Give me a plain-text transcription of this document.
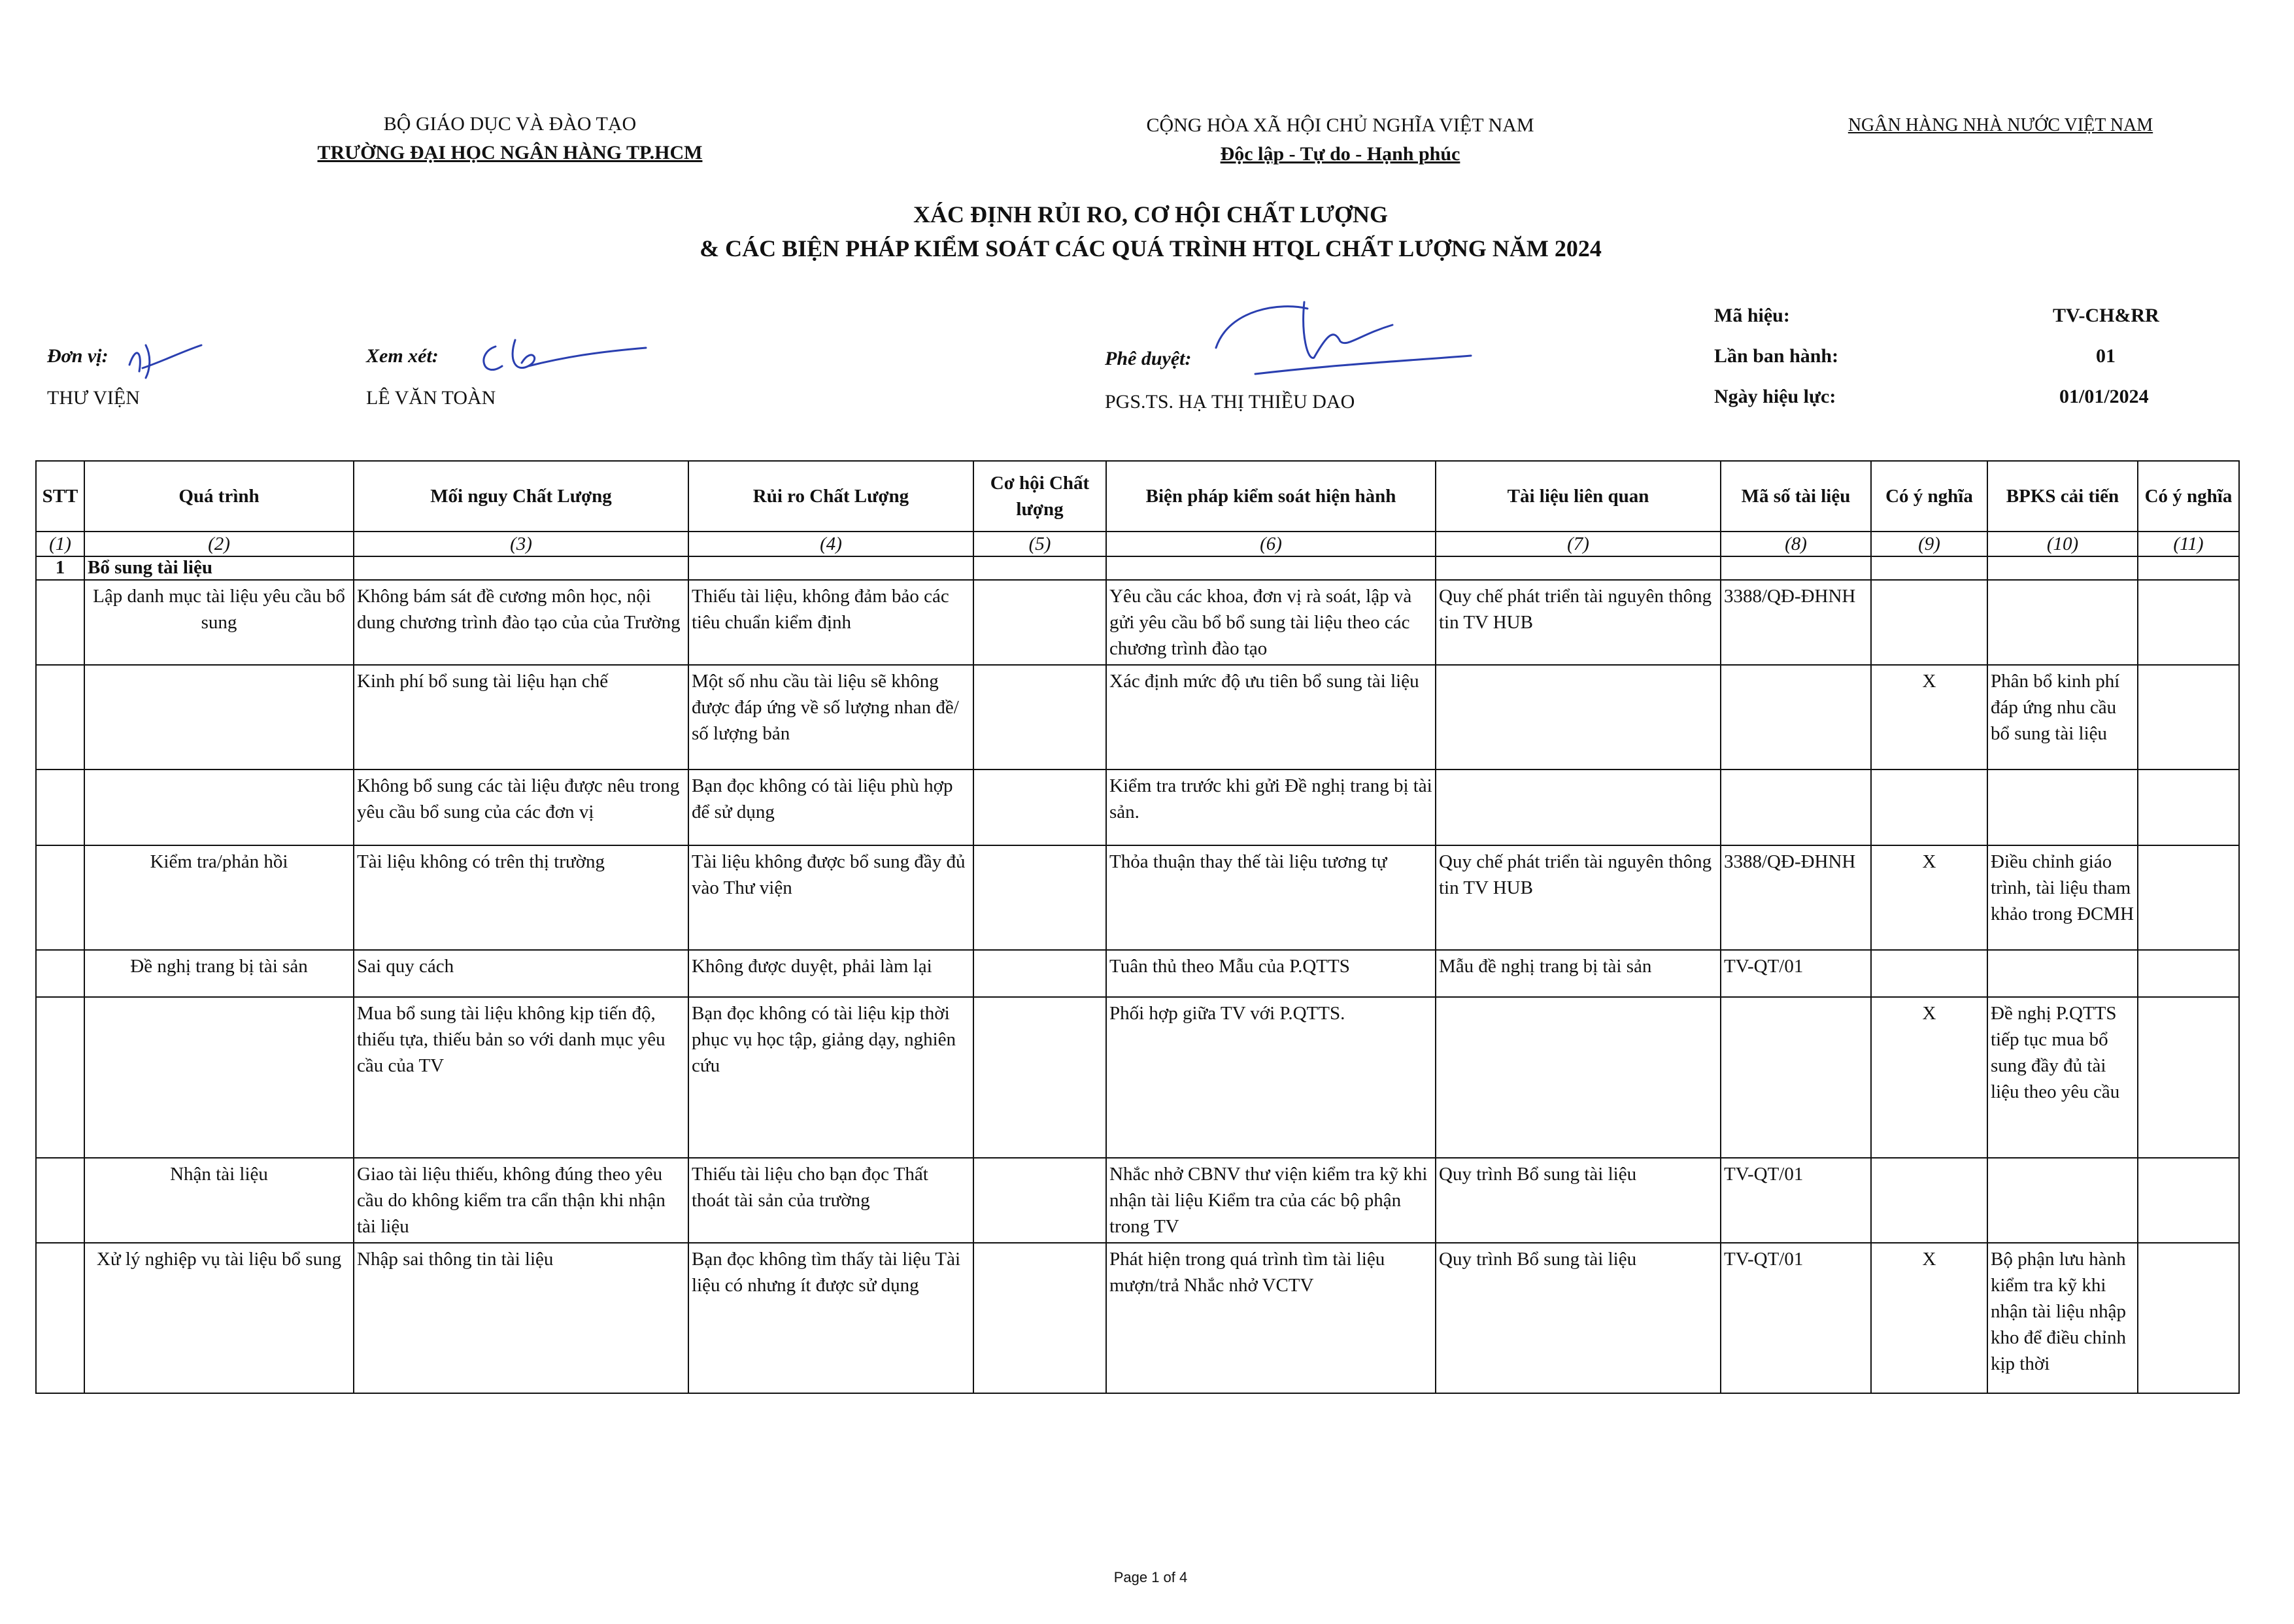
BỘ GIÁO DỤC VÀ ĐÀO TẠO
TRƯỜNG ĐẠI HỌC NGÂN HÀNG TP.HCM
CỘNG HÒA XÃ HỘI CHỦ NGHĨA VIỆT NAM
Độc lập - Tự do - Hạnh phúc
NGÂN HÀNG NHÀ NƯỚC VIỆT NAM
XÁC ĐỊNH RỦI RO, CƠ HỘI CHẤT LƯỢNG
& CÁC BIỆN PHÁP KIỂM SOÁT CÁC QUÁ TRÌNH HTQL CHẤT LƯỢNG NĂM 2024
Đơn vị:
THƯ VIỆN
Xem xét:
LÊ VĂN TOÀN
Phê duyệt:
PGS.TS. HẠ THỊ THIỀU DAO
Mã hiệu:	TV-CH&RR
Lần ban hành:	01
Ngày hiệu lực:	01/01/2024
STT	Quá trình	Mối nguy Chất Lượng	Rủi ro Chất Lượng	Cơ hội Chất lượng	Biện pháp kiểm soát hiện hành	Tài liệu liên quan	Mã số tài liệu	Có ý nghĩa	BPKS cải tiến	Có ý nghĩa
(1)	(2)	(3)	(4)	(5)	(6)	(7)	(8)	(9)	(10)	(11)
1	Bổ sung tài liệu									
	Lập danh mục tài liệu yêu cầu bổ sung	Không bám sát đề cương môn học, nội dung chương trình đào tạo của của Trường	Thiếu tài liệu, không đảm bảo các tiêu chuẩn kiểm định		Yêu cầu các khoa, đơn vị rà soát, lập và gửi yêu cầu bổ bổ sung tài liệu theo các chương trình đào tạo	Quy chế phát triển tài nguyên thông tin TV HUB	3388/QĐ-ĐHNH			
		Kinh phí bổ sung tài liệu hạn chế	Một số nhu cầu tài liệu sẽ không được đáp ứng về số lượng nhan đề/ số lượng bản		Xác định mức độ ưu tiên bổ sung tài liệu			X	Phân bổ kinh phí đáp ứng nhu cầu bổ sung tài liệu	
		Không bổ sung các tài liệu được nêu trong yêu cầu bổ sung của các đơn vị	Bạn đọc không có tài liệu phù hợp để sử dụng		Kiểm tra trước khi gửi Đề nghị trang bị tài sản.					
	Kiểm tra/phản hồi	Tài liệu không có trên thị trường	Tài liệu không được bổ sung đầy đủ vào Thư viện		Thỏa thuận thay thế tài liệu tương tự	Quy chế phát triển tài nguyên thông tin TV HUB	3388/QĐ-ĐHNH	X	Điều chỉnh giáo trình, tài liệu tham khảo trong ĐCMH	
	Đề nghị trang bị tài sản	Sai quy cách	Không được duyệt, phải làm lại		Tuân thủ theo Mẫu của P.QTTS	Mẫu đề nghị trang bị tài sản	TV-QT/01			
		Mua bổ sung tài liệu không kịp tiến độ, thiếu tựa, thiếu bản so với danh mục yêu cầu của TV	Bạn đọc không có tài liệu kịp thời phục vụ học tập, giảng dạy, nghiên cứu		Phối hợp giữa TV với P.QTTS.			X	Đề nghị P.QTTS tiếp tục mua bổ sung đầy đủ tài liệu theo yêu cầu	
	Nhận tài liệu	Giao tài liệu thiếu, không đúng theo yêu cầu do không kiểm tra cẩn thận khi nhận tài liệu	Thiếu tài liệu cho bạn đọc Thất thoát tài sản của trường		Nhắc nhở CBNV thư viện kiểm tra kỹ khi nhận tài liệu Kiểm tra của các bộ phận trong TV	Quy trình Bổ sung tài liệu	TV-QT/01			
	Xử lý nghiệp vụ tài liệu bổ sung	Nhập sai thông tin tài liệu	Bạn đọc không tìm thấy tài liệu Tài liệu có nhưng ít được sử dụng		Phát hiện trong quá trình tìm tài liệu mượn/trả Nhắc nhở VCTV	Quy trình Bổ sung tài liệu	TV-QT/01	X	Bộ phận lưu hành kiểm tra kỹ khi nhận tài liệu nhập kho để điều chỉnh kịp thời	
Page 1 of 4
